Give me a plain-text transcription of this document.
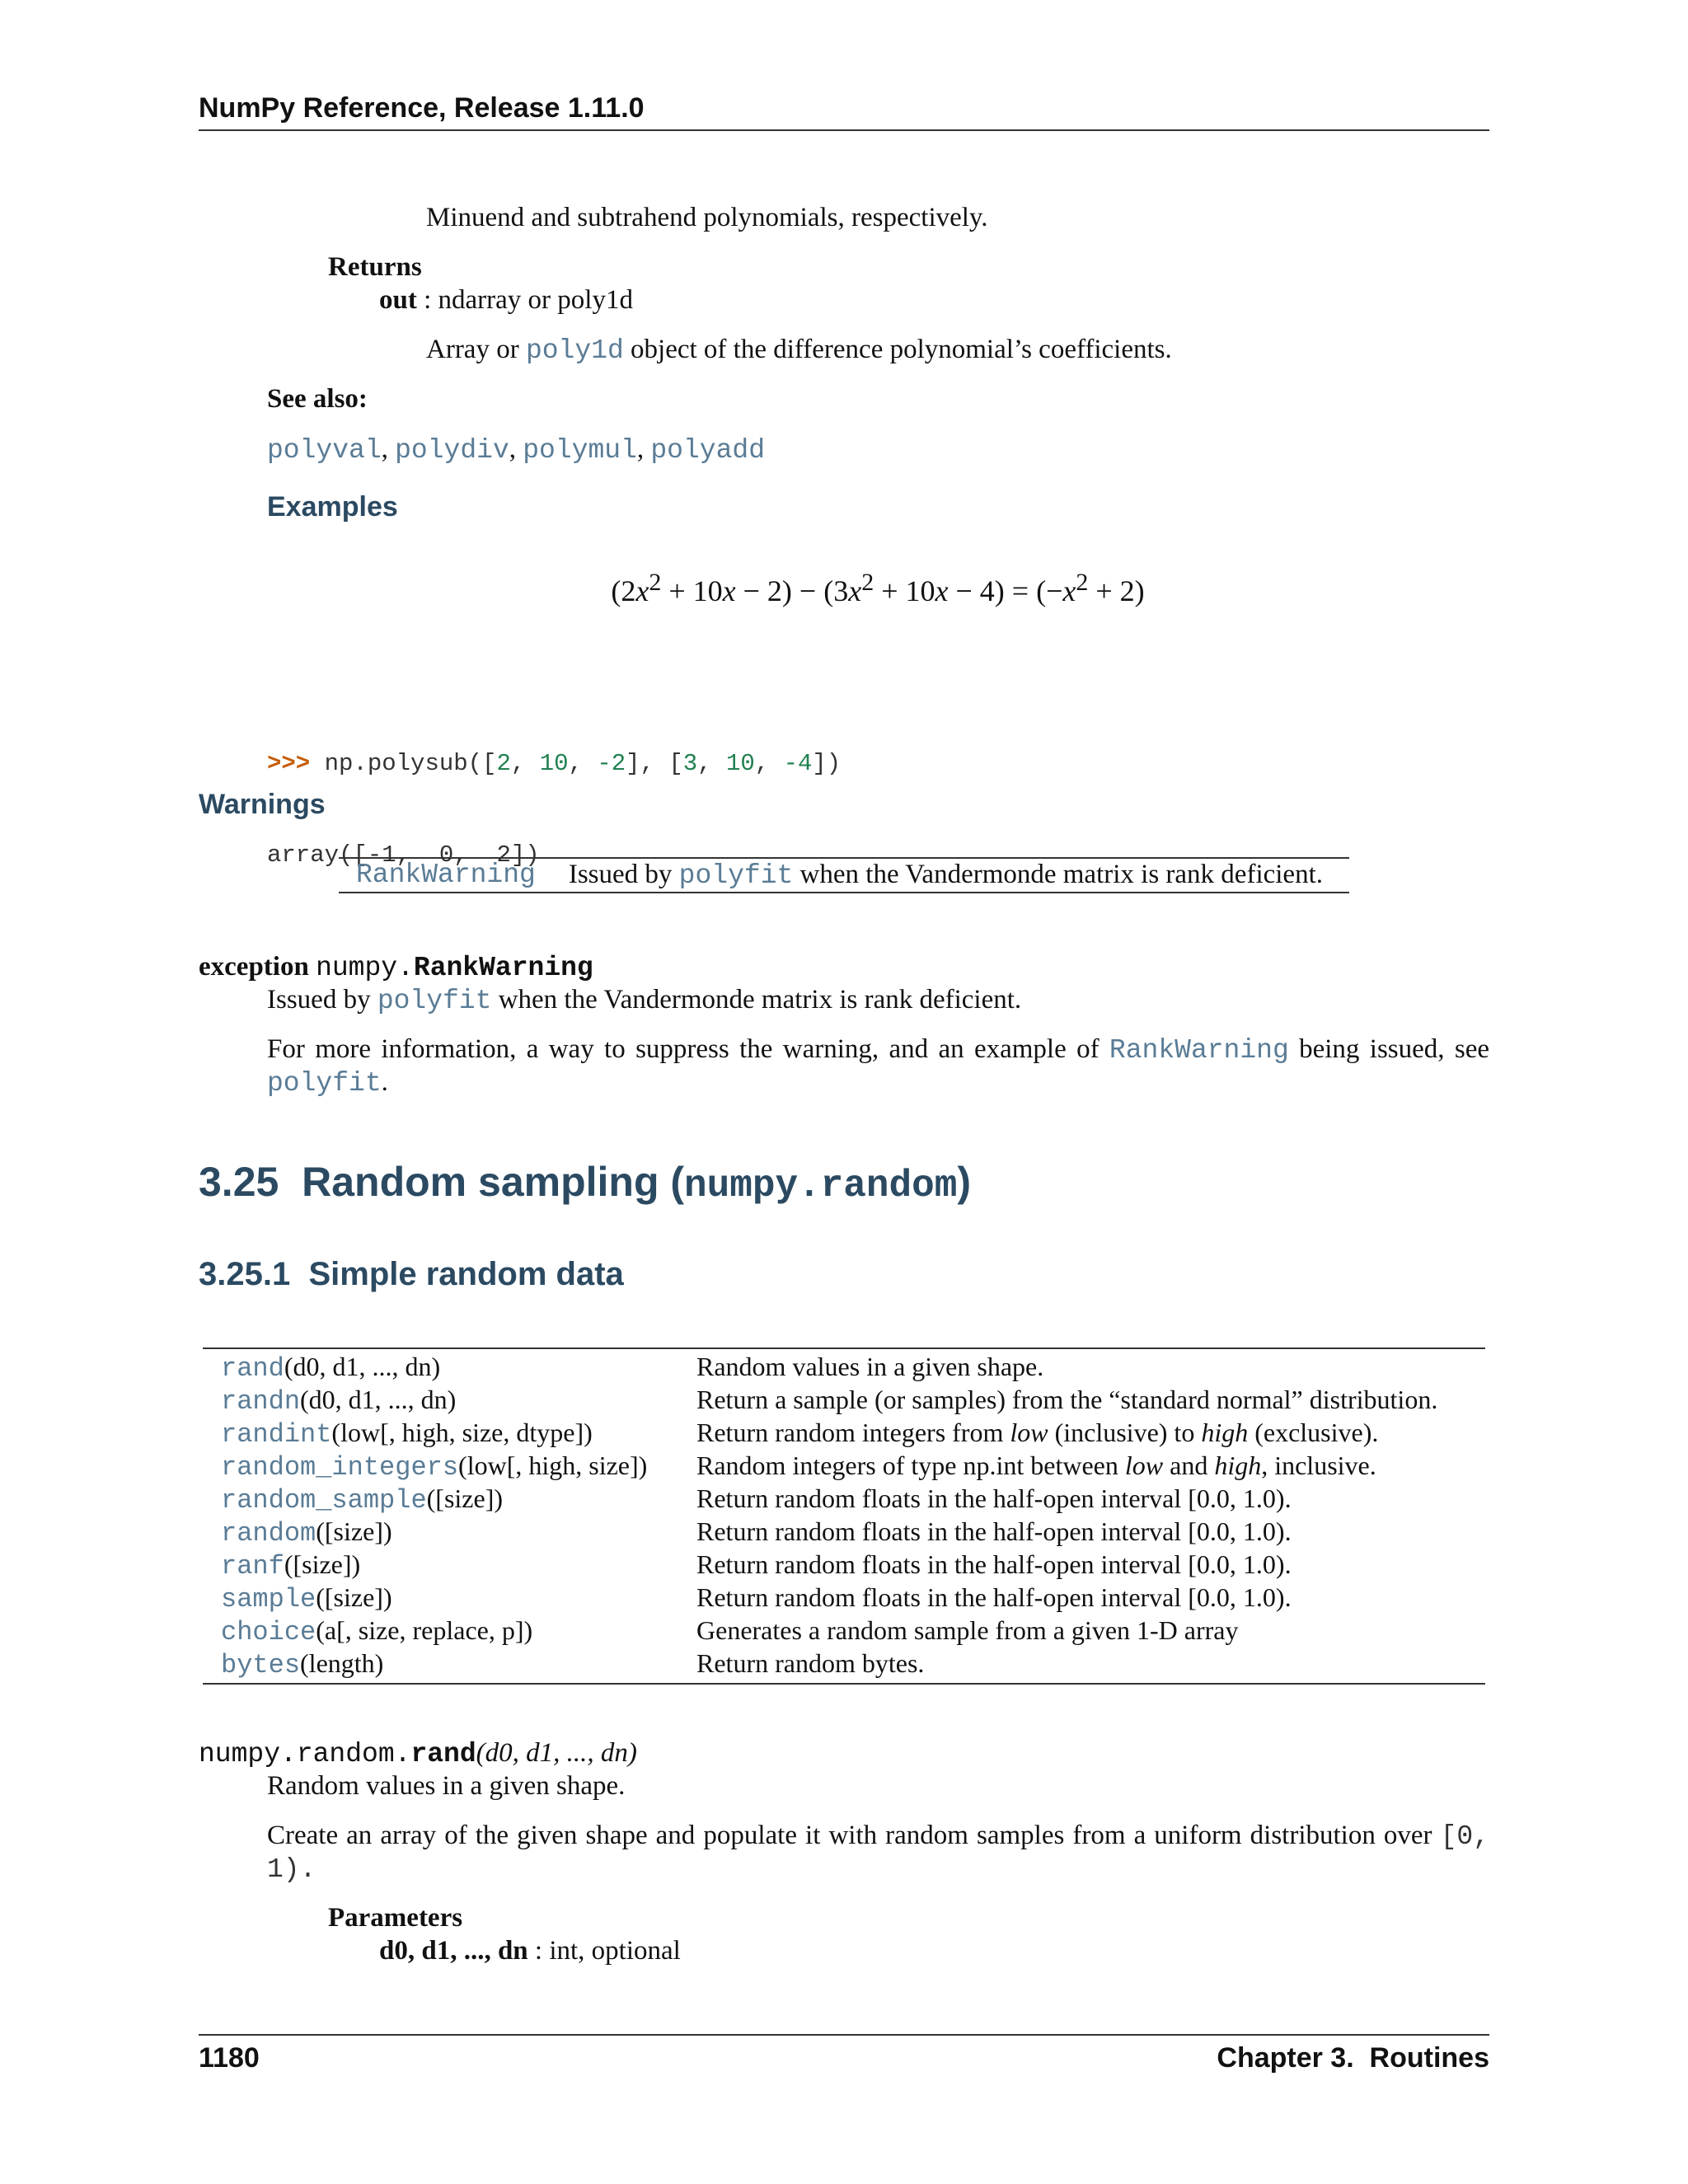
NumPy Reference, Release 1.11.0
Minuend and subtrahend polynomials, respectively.
Returns
out : ndarray or poly1d
Array or poly1d object of the difference polynomial’s coefficients.
See also:
polyval, polydiv, polymul, polyadd
Examples
$(2x^2 + 10x - 2) - (3x^2 + 10x - 4) = (-x^2 + 2)$

>>> np.polysub([2, 10, -2], [3, 10, -4])

array([-1,  0,  2])

Warnings
RankWarning Issued by polyfit when the Vandermonde matrix is rank deficient.
exception numpy.RankWarning
Issued by polyfit when the Vandermonde matrix is rank deficient.
For more information, a way to suppress the warning, and an example of RankWarning being issued, see
polyfit.
3.25 Random sampling (numpy.random)
3.25.1 Simple random data
rand(d0, d1, ..., dn)	Random values in a given shape.
randn(d0, d1, ..., dn)	Return a sample (or samples) from the “standard normal” distribution.
randint(low[, high, size, dtype])	Return random integers from low (inclusive) to high (exclusive).
random_integers(low[, high, size])	Random integers of type np.int between low and high, inclusive.
random_sample([size])	Return random floats in the half-open interval [0.0, 1.0).
random([size])	Return random floats in the half-open interval [0.0, 1.0).
ranf([size])	Return random floats in the half-open interval [0.0, 1.0).
sample([size])	Return random floats in the half-open interval [0.0, 1.0).
choice(a[, size, replace, p])	Generates a random sample from a given 1-D array
bytes(length)	Return random bytes.
numpy.random.rand(d0, d1, ..., dn)
Random values in a given shape.
Create an array of the given shape and populate it with random samples from a uniform distribution over [0,
1).
Parameters
d0, d1, ..., dn : int, optional
1180	Chapter 3.  Routines
